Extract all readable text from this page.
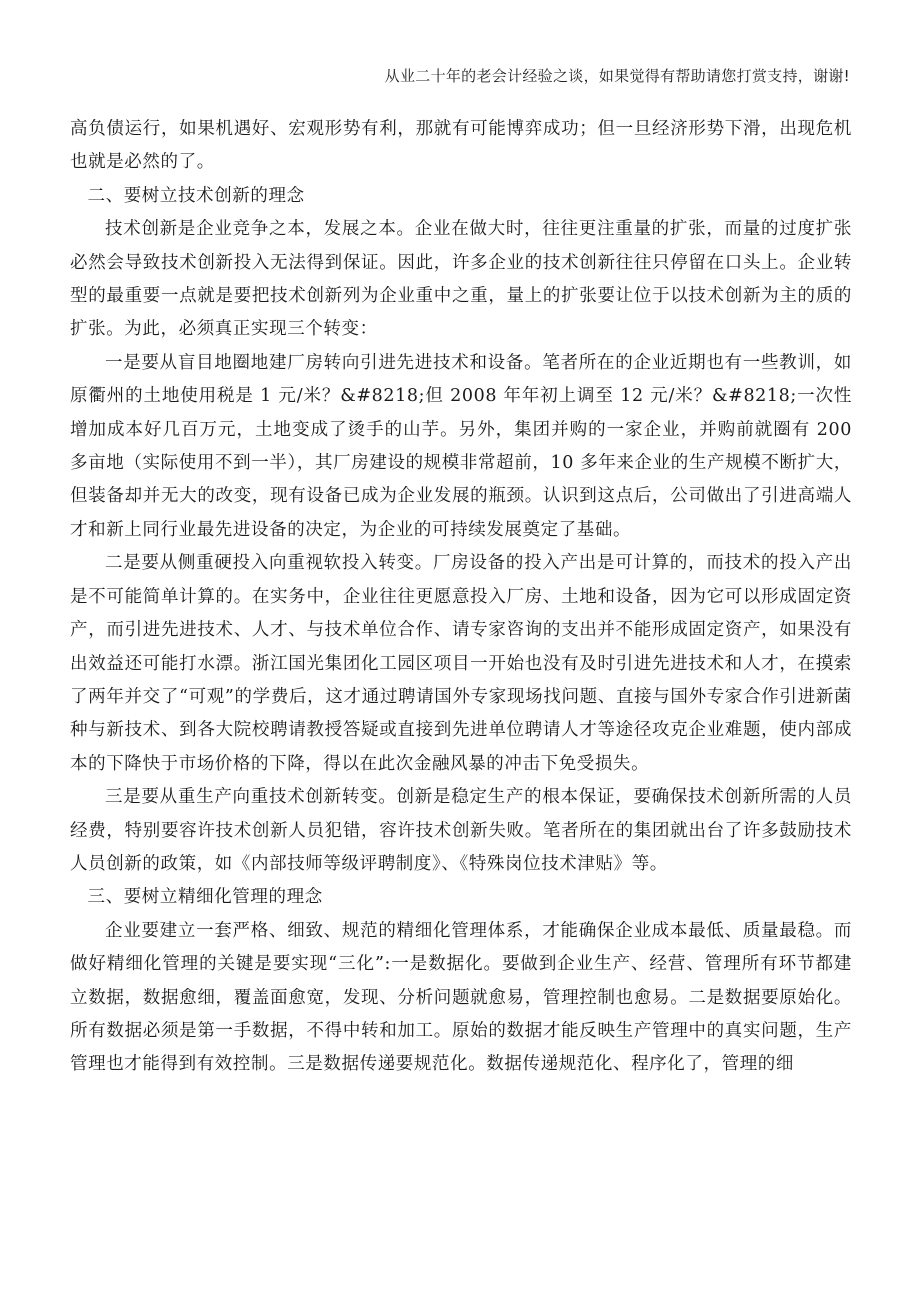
从业二十年的老会计经验之谈，如果觉得有帮助请您打赏支持，谢谢!

高负债运行，如果机遇好、宏观形势有利，那就有可能博弈成功；但一旦经济形势下滑，出现危机也就是必然的了。

二、要树立技术创新的理念

技术创新是企业竞争之本，发展之本。企业在做大时，往往更注重量的扩张，而量的过度扩张必然会导致技术创新投入无法得到保证。因此，许多企业的技术创新往往只停留在口头上。企业转型的最重要一点就是要把技术创新列为企业重中之重，量上的扩张要让位于以技术创新为主的质的扩张。为此，必须真正实现三个转变：

一是要从盲目地圈地建厂房转向引进先进技术和设备。笔者所在的企业近期也有一些教训，如原衢州的土地使用税是 1 元/米？&#8218;但 2008 年年初上调至 12 元/米？&#8218;一次性增加成本好几百万元，土地变成了烫手的山芋。另外，集团并购的一家企业，并购前就圈有 200 多亩地（实际使用不到一半），其厂房建设的规模非常超前，10 多年来企业的生产规模不断扩大，但装备却并无大的改变，现有设备已成为企业发展的瓶颈。认识到这点后，公司做出了引进高端人才和新上同行业最先进设备的决定，为企业的可持续发展奠定了基础。

二是要从侧重硬投入向重视软投入转变。厂房设备的投入产出是可计算的，而技术的投入产出是不可能简单计算的。在实务中，企业往往更愿意投入厂房、土地和设备，因为它可以形成固定资产，而引进先进技术、人才、与技术单位合作、请专家咨询的支出并不能形成固定资产，如果没有出效益还可能打水漂。浙江国光集团化工园区项目一开始也没有及时引进先进技术和人才，在摸索了两年并交了“可观”的学费后，这才通过聘请国外专家现场找问题、直接与国外专家合作引进新菌种与新技术、到各大院校聘请教授答疑或直接到先进单位聘请人才等途径攻克企业难题，使内部成本的下降快于市场价格的下降，得以在此次金融风暴的冲击下免受损失。

三是要从重生产向重技术创新转变。创新是稳定生产的根本保证，要确保技术创新所需的人员经费，特别要容许技术创新人员犯错，容许技术创新失败。笔者所在的集团就出台了许多鼓励技术人员创新的政策，如《内部技师等级评聘制度》、《特殊岗位技术津贴》等。

三、要树立精细化管理的理念

企业要建立一套严格、细致、规范的精细化管理体系，才能确保企业成本最低、质量最稳。而做好精细化管理的关键是要实现“三化”:一是数据化。要做到企业生产、经营、管理所有环节都建立数据，数据愈细，覆盖面愈宽，发现、分析问题就愈易，管理控制也愈易。二是数据要原始化。所有数据必须是第一手数据，不得中转和加工。原始的数据才能反映生产管理中的真实问题，生产管理也才能得到有效控制。三是数据传递要规范化。数据传递规范化、程序化了，管理的细
